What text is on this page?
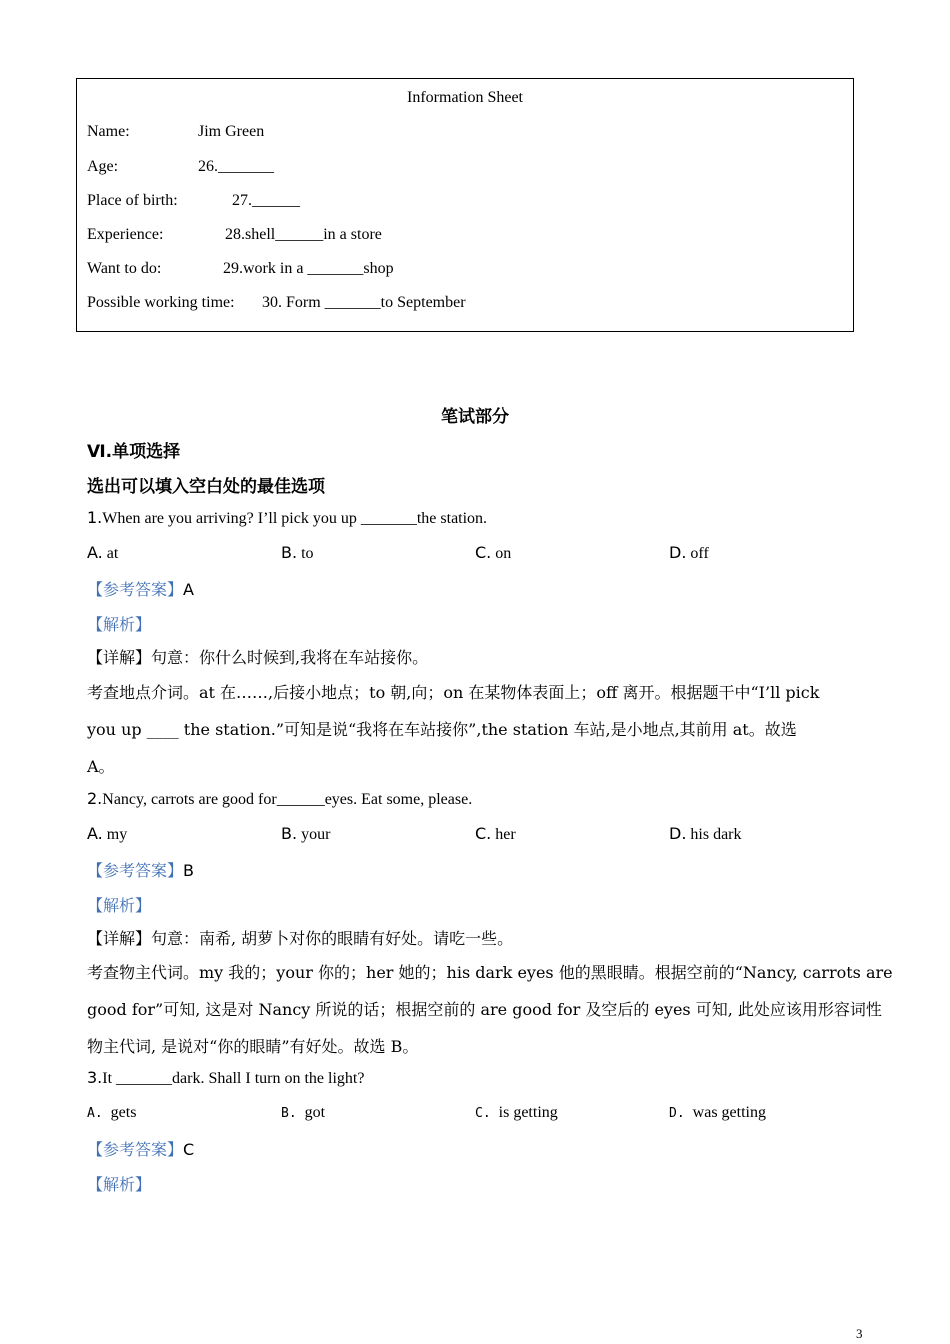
Information Sheet
Name:	Jim Green
Age:	26._______
Place of birth:	27.______
Experience:	28.shell______in a store
Want to do:	29.work in a _______shop
Possible working time: 30. Form _______to September
笔试部分
Ⅵ.单项选择
选出可以填入空白处的最佳选项
1.When are you arriving? I’ll pick you up _______the station.
A. at	B. to	C. on	D. off
【参考答案】A
【解析】
【详解】句意：你什么时候到,我将在车站接你。
考查地点介词。at 在……,后接小地点；to 朝,向；on 在某物体表面上；off 离开。根据题干中“I’ll pick
you up ____ the station.”可知是说“我将在车站接你”,the station 车站,是小地点,其前用 at。故选
A。
2.Nancy, carrots are good for______eyes. Eat some, please.
A. my	B. your	C. her	D. his dark
【参考答案】B
【解析】
【详解】句意：南希, 胡萝卜对你的眼睛有好处。请吃一些。
考查物主代词。my 我的；your 你的；her 她的；his dark eyes 他的黑眼睛。根据空前的“Nancy, carrots are
good for”可知, 这是对 Nancy 所说的话；根据空前的 are good for 及空后的 eyes 可知, 此处应该用形容词性
物主代词, 是说对“你的眼睛”有好处。故选 B。
3.It _______dark. Shall I turn on the light?
A. gets	B. got	C. is getting	D. was getting
【参考答案】C
【解析】
3
